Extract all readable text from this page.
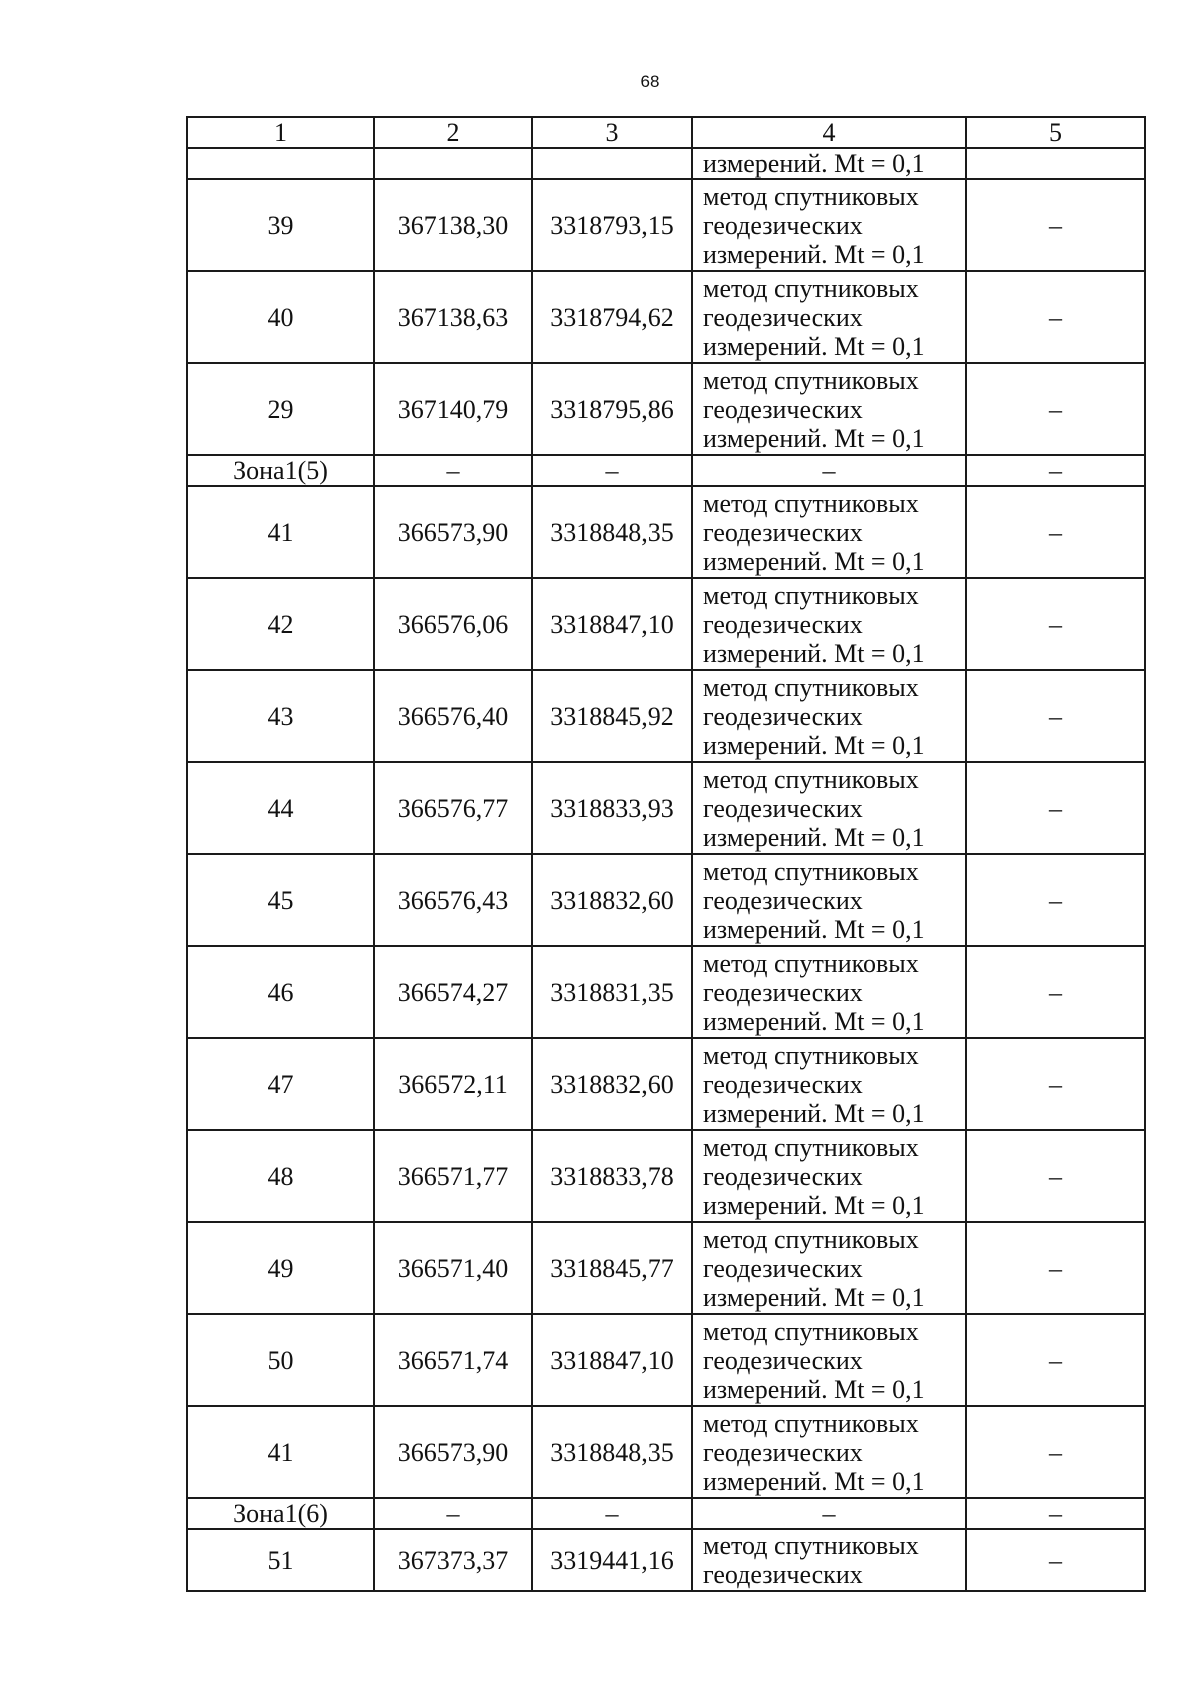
68
1	2	3	4	5
			измерений. Mt = 0,1	
39	367138,30	3318793,15	метод спутниковых
геодезических
измерений. Mt = 0,1	–
40	367138,63	3318794,62	метод спутниковых
геодезических
измерений. Mt = 0,1	–
29	367140,79	3318795,86	метод спутниковых
геодезических
измерений. Mt = 0,1	–
Зона1(5)	–	–	–	–
41	366573,90	3318848,35	метод спутниковых
геодезических
измерений. Mt = 0,1	–
42	366576,06	3318847,10	метод спутниковых
геодезических
измерений. Mt = 0,1	–
43	366576,40	3318845,92	метод спутниковых
геодезических
измерений. Mt = 0,1	–
44	366576,77	3318833,93	метод спутниковых
геодезических
измерений. Mt = 0,1	–
45	366576,43	3318832,60	метод спутниковых
геодезических
измерений. Mt = 0,1	–
46	366574,27	3318831,35	метод спутниковых
геодезических
измерений. Mt = 0,1	–
47	366572,11	3318832,60	метод спутниковых
геодезических
измерений. Mt = 0,1	–
48	366571,77	3318833,78	метод спутниковых
геодезических
измерений. Mt = 0,1	–
49	366571,40	3318845,77	метод спутниковых
геодезических
измерений. Mt = 0,1	–
50	366571,74	3318847,10	метод спутниковых
геодезических
измерений. Mt = 0,1	–
41	366573,90	3318848,35	метод спутниковых
геодезических
измерений. Mt = 0,1	–
Зона1(6)	–	–	–	–
51	367373,37	3319441,16	метод спутниковых
геодезических	–
